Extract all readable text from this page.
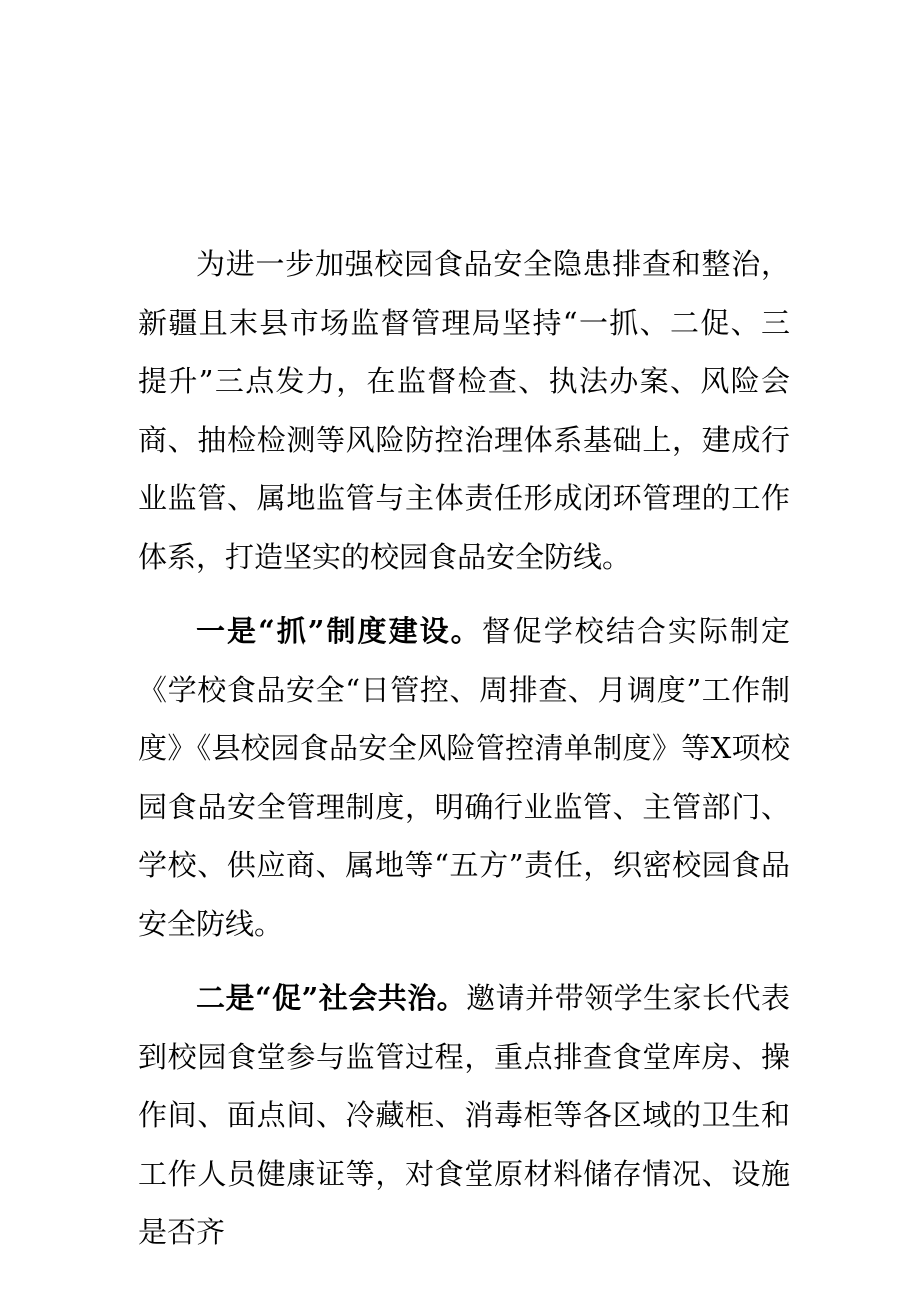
为进一步加强校园食品安全隐患排查和整治，新疆且末县市场监督管理局坚持“一抓、二促、三提升”三点发力，在监督检查、执法办案、风险会商、抽检检测等风险防控治理体系基础上，建成行业监管、属地监管与主体责任形成闭环管理的工作体系，打造坚实的校园食品安全防线。

一是“抓”制度建设。督促学校结合实际制定《学校食品安全“日管控、周排查、月调度”工作制度》《县校园食品安全风险管控清单制度》等X项校园食品安全管理制度，明确行业监管、主管部门、学校、供应商、属地等“五方”责任，织密校园食品安全防线。

二是“促”社会共治。邀请并带领学生家长代表到校园食堂参与监管过程，重点排查食堂库房、操作间、面点间、冷藏柜、消毒柜等各区域的卫生和工作人员健康证等，对食堂原材料储存情况、设施是否齐
